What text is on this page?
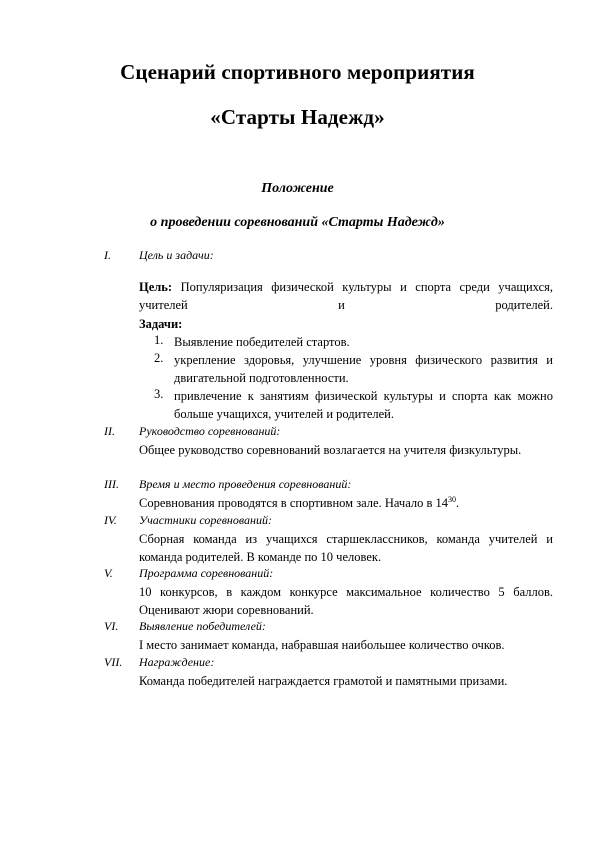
Сценарий спортивного мероприятия
«Старты Надежд»
Положение
о проведении соревнований «Старты Надежд»
I.	Цель и задачи:
Цель: Популяризация физической культуры и спорта среди учащихся, учителей и родителей.
Задачи:
1. Выявление победителей стартов.
2. укрепление здоровья, улучшение уровня физического развития и двигательной подготовленности.
3. привлечение к занятиям физической культуры и спорта как можно больше учащихся, учителей и родителей.
II.	Руководство соревнований:
Общее руководство соревнований возлагается на учителя физкультуры.
III.	Время и место проведения соревнований:
Соревнования проводятся в спортивном зале. Начало в $14^{30}$.
IV.	Участники соревнований:
Сборная команда из учащихся старшеклассников, команда учителей и команда родителей. В команде по 10 человек.
V.	Программа соревнований:
10 конкурсов, в каждом конкурсе максимальное количество 5 баллов. Оценивают жюри соревнований.
VI.	Выявление победителей:
I место занимает команда, набравшая наибольшее количество очков.
VII.	Награждение:
Команда победителей награждается грамотой и памятными призами.
